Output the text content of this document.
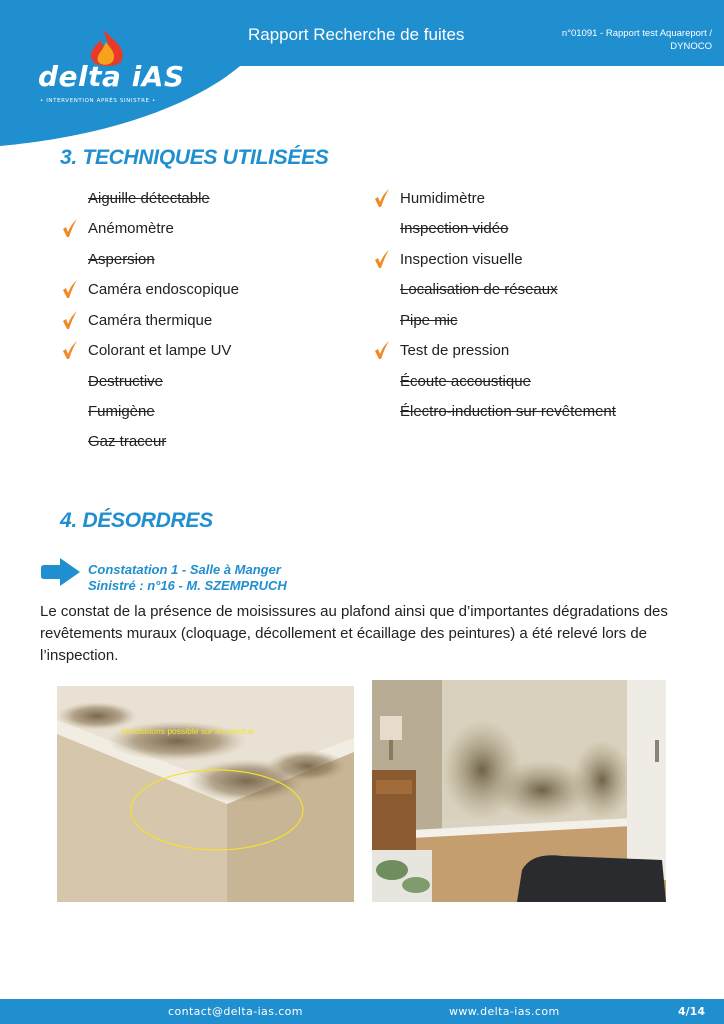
delta iAS
• INTERVENTION APRÈS SINISTRE •
Rapport Recherche de fuites	n°01091 - Rapport test Aquareport /
DYNOCO
3. TECHNIQUES UTILISÉES
Aiguille détectable
Anémomètre
Aspersion
Caméra endoscopique
Caméra thermique
Colorant et lampe UV
Destructive
Fumigène
Gaz traceur
Humidimètre
Inspection vidéo
Inspection visuelle
Localisation de réseaux
Pipe mic
Test de pression
Écoute accoustique
Électro-induction sur revêtement
4. DÉSORDRES
Constatation 1 - Salle à Manger
Sinistré : n°16 - M. SZEMPRUCH
Le constat de la présence de moisissures au plafond ainsi que d’importantes dégradations des revêtements muraux (cloquage, décollement et écaillage des peintures) a été relevé lors de l’inspection.
annotations possible sur les photos
contact@delta-ias.com	www.delta-ias.com	4/14
